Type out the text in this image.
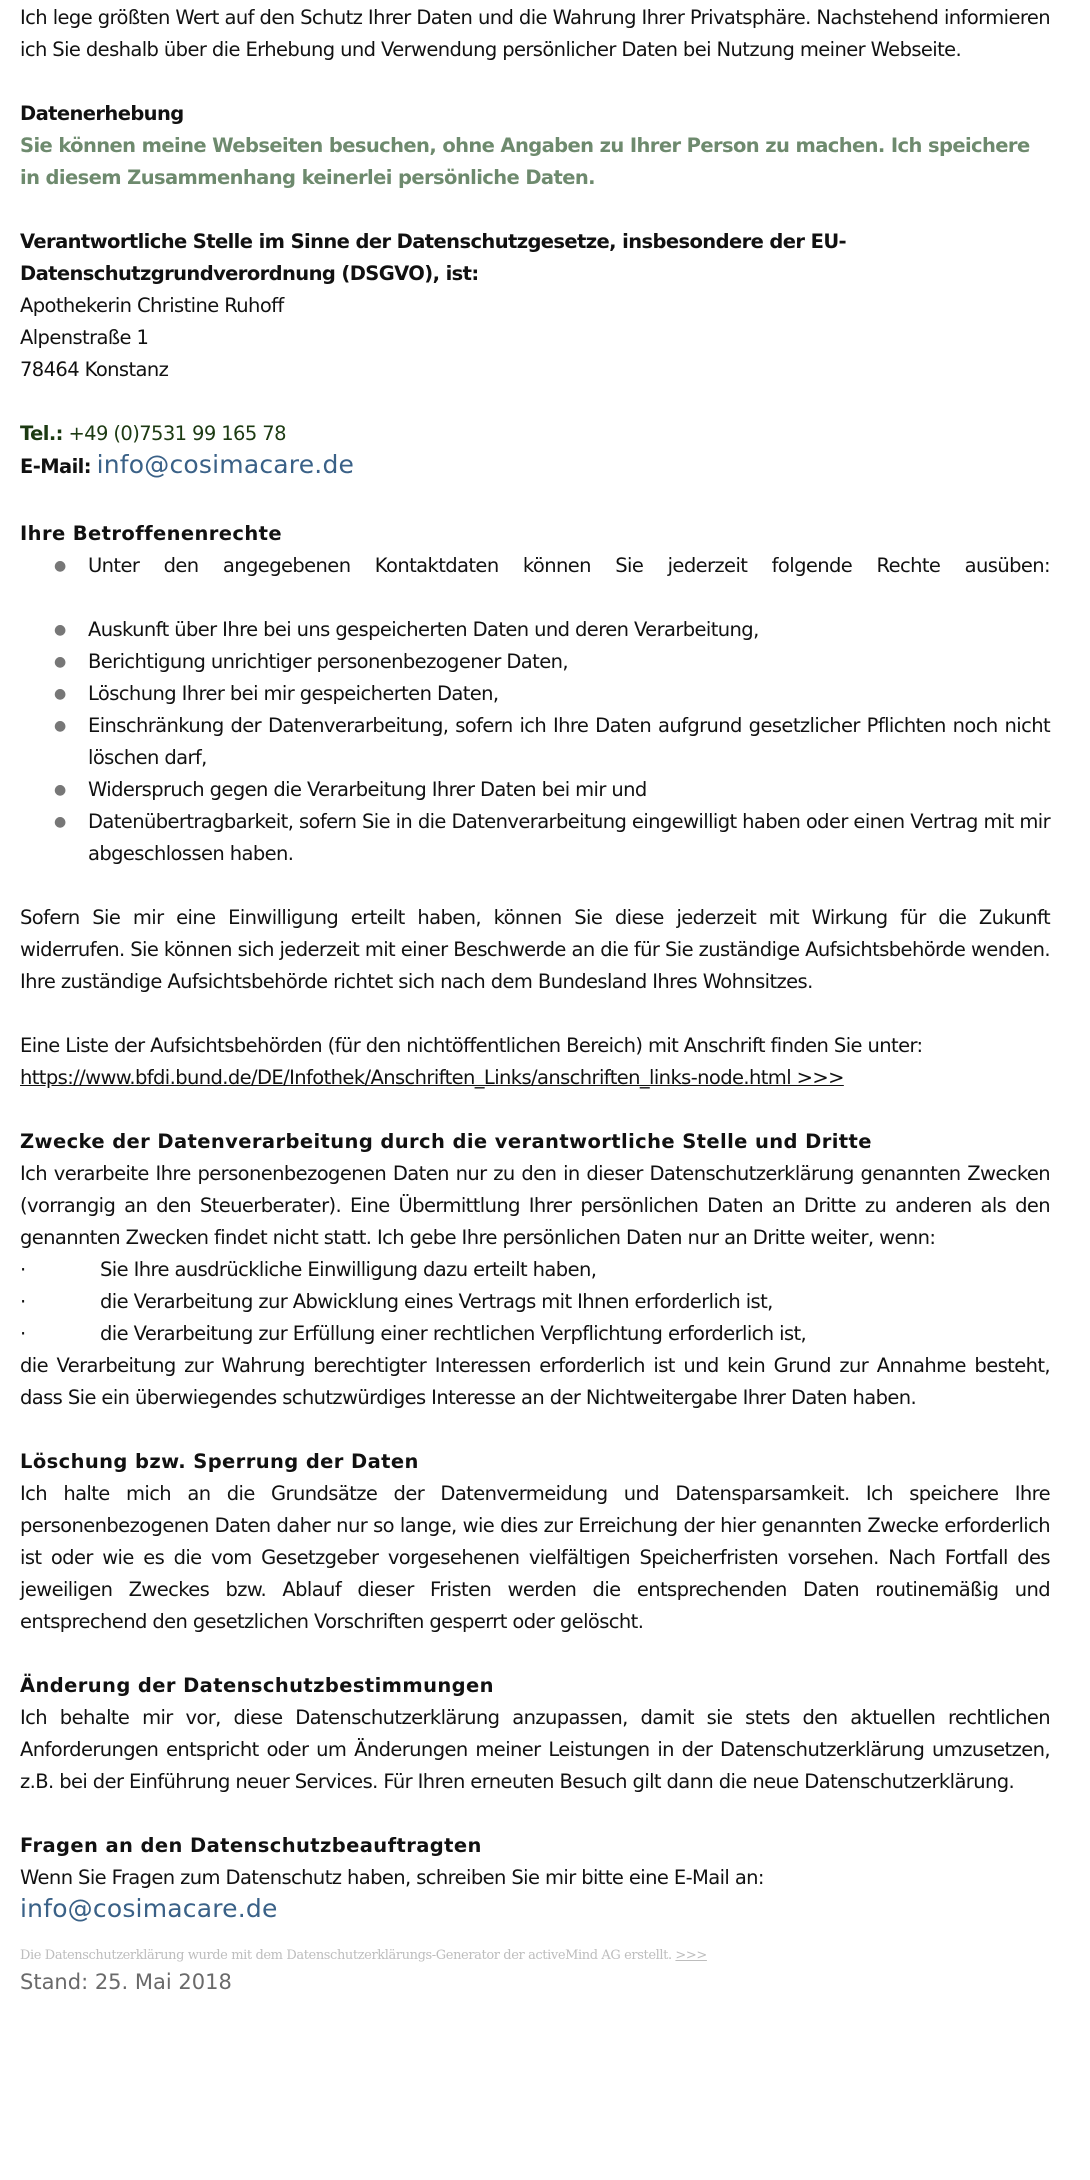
Ich lege größten Wert auf den Schutz Ihrer Daten und die Wahrung Ihrer Privatsphäre. Nachstehend informieren ich Sie deshalb über die Erhebung und Verwendung persönlicher Daten bei Nutzung meiner Webseite.

Datenerhebung

Sie können meine Webseiten besuchen, ohne Angaben zu Ihrer Person zu machen. Ich speichere in diesem Zusammenhang keinerlei persönliche Daten.

Verantwortliche Stelle im Sinne der Datenschutzgesetze, insbesondere der EU-Datenschutzgrundverordnung (DSGVO), ist:

Apothekerin Christine Ruhoff

Alpenstraße 1

78464 Konstanz

Tel.: +49 (0)7531 99 165 78

E-Mail: info@cosimacare.de

Ihre Betroffenenrechte

● Unter den angegebenen Kontaktdaten können Sie jederzeit folgende Rechte ausüben:
● Auskunft über Ihre bei uns gespeicherten Daten und deren Verarbeitung,
● Berichtigung unrichtiger personenbezogener Daten,
● Löschung Ihrer bei mir gespeicherten Daten,
● Einschränkung der Datenverarbeitung, sofern ich Ihre Daten aufgrund gesetzlicher Pflichten noch nicht löschen darf,
● Widerspruch gegen die Verarbeitung Ihrer Daten bei mir und
● Datenübertragbarkeit, sofern Sie in die Datenverarbeitung eingewilligt haben oder einen Vertrag mit mir abgeschlossen haben.

Sofern Sie mir eine Einwilligung erteilt haben, können Sie diese jederzeit mit Wirkung für die Zukunft widerrufen. Sie können sich jederzeit mit einer Beschwerde an die für Sie zuständige Aufsichtsbehörde wenden. Ihre zuständige Aufsichtsbehörde richtet sich nach dem Bundesland Ihres Wohnsitzes.

Eine Liste der Aufsichtsbehörden (für den nichtöffentlichen Bereich) mit Anschrift finden Sie unter:

https://www.bfdi.bund.de/DE/Infothek/Anschriften_Links/anschriften_links-node.html >>>

Zwecke der Datenverarbeitung durch die verantwortliche Stelle und Dritte

Ich verarbeite Ihre personenbezogenen Daten nur zu den in dieser Datenschutzerklärung genannten Zwecken (vorrangig an den Steuerberater). Eine Übermittlung Ihrer persönlichen Daten an Dritte zu anderen als den genannten Zwecken findet nicht statt. Ich gebe Ihre persönlichen Daten nur an Dritte weiter, wenn:

·	Sie Ihre ausdrückliche Einwilligung dazu erteilt haben,
·	die Verarbeitung zur Abwicklung eines Vertrags mit Ihnen erforderlich ist,
·	die Verarbeitung zur Erfüllung einer rechtlichen Verpflichtung erforderlich ist,

die Verarbeitung zur Wahrung berechtigter Interessen erforderlich ist und kein Grund zur Annahme besteht, dass Sie ein überwiegendes schutzwürdiges Interesse an der Nichtweitergabe Ihrer Daten haben.

Löschung bzw. Sperrung der Daten

Ich halte mich an die Grundsätze der Datenvermeidung und Datensparsamkeit. Ich speichere Ihre personenbezogenen Daten daher nur so lange, wie dies zur Erreichung der hier genannten Zwecke erforderlich ist oder wie es die vom Gesetzgeber vorgesehenen vielfältigen Speicherfristen vorsehen. Nach Fortfall des jeweiligen Zweckes bzw. Ablauf dieser Fristen werden die entsprechenden Daten routinemäßig und entsprechend den gesetzlichen Vorschriften gesperrt oder gelöscht.

Änderung der Datenschutzbestimmungen

Ich behalte mir vor, diese Datenschutzerklärung anzupassen, damit sie stets den aktuellen rechtlichen Anforderungen entspricht oder um Änderungen meiner Leistungen in der Datenschutzerklärung umzusetzen, z.B. bei der Einführung neuer Services. Für Ihren erneuten Besuch gilt dann die neue Datenschutzerklärung.

Fragen an den Datenschutzbeauftragten

Wenn Sie Fragen zum Datenschutz haben, schreiben Sie mir bitte eine E-Mail an:

info@cosimacare.de

Die Datenschutzerklärung wurde mit dem Datenschutzerklärungs-Generator der activeMind AG erstellt. >>>

Stand: 25. Mai 2018
